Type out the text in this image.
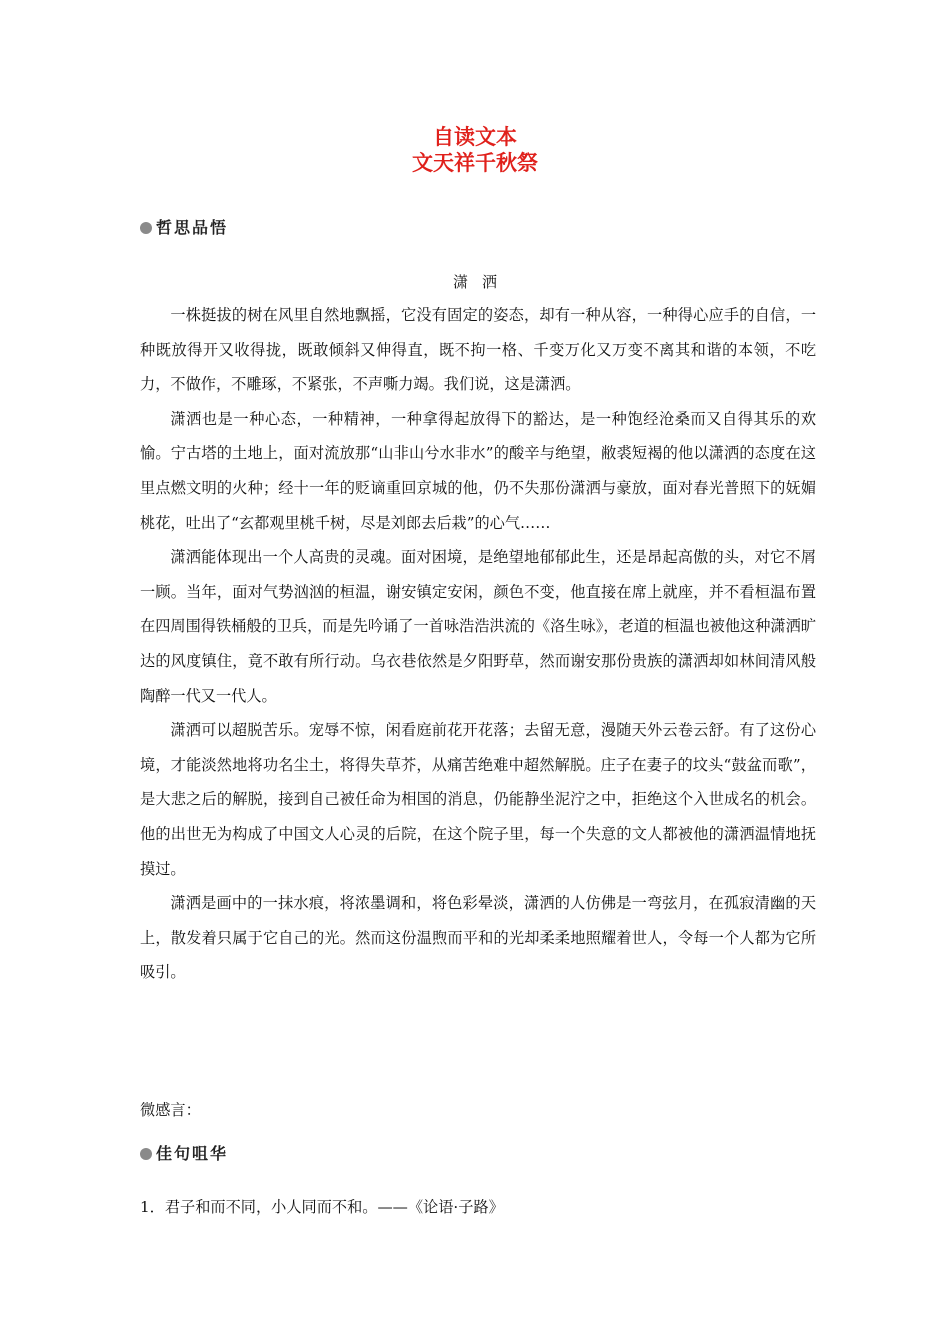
自读文本
文天祥千秋祭
哲思品悟
潇洒

一株挺拔的树在风里自然地飘摇，它没有固定的姿态，却有一种从容，一种得心应手的自信，一种既放得开又收得拢，既敢倾斜又伸得直，既不拘一格、千变万化又万变不离其和谐的本领，不吃力，不做作，不雕琢，不紧张，不声嘶力竭。我们说，这是潇洒。

潇洒也是一种心态，一种精神，一种拿得起放得下的豁达，是一种饱经沧桑而又自得其乐的欢愉。宁古塔的土地上，面对流放那“山非山兮水非水”的酸辛与绝望，敝裘短褐的他以潇洒的态度在这里点燃文明的火种；经十一年的贬谪重回京城的他，仍不失那份潇洒与豪放，面对春光普照下的妩媚桃花，吐出了“玄都观里桃千树，尽是刘郎去后栽”的心气……

潇洒能体现出一个人高贵的灵魂。面对困境，是绝望地郁郁此生，还是昂起高傲的头，对它不屑一顾。当年，面对气势汹汹的桓温，谢安镇定安闲，颜色不变，他直接在席上就座，并不看桓温布置在四周围得铁桶般的卫兵，而是先吟诵了一首咏浩浩洪流的《洛生咏》，老道的桓温也被他这种潇洒旷达的风度镇住，竟不敢有所行动。乌衣巷依然是夕阳野草，然而谢安那份贵族的潇洒却如林间清风般陶醉一代又一代人。

潇洒可以超脱苦乐。宠辱不惊，闲看庭前花开花落；去留无意，漫随天外云卷云舒。有了这份心境，才能淡然地将功名尘土，将得失草芥，从痛苦绝难中超然解脱。庄子在妻子的坟头“鼓盆而歌”，是大悲之后的解脱，接到自己被任命为相国的消息，仍能静坐泥泞之中，拒绝这个入世成名的机会。他的出世无为构成了中国文人心灵的后院，在这个院子里，每一个失意的文人都被他的潇洒温情地抚摸过。

潇洒是画中的一抹水痕，将浓墨调和，将色彩晕淡，潇洒的人仿佛是一弯弦月，在孤寂清幽的天上，散发着只属于它自己的光。然而这份温煦而平和的光却柔柔地照耀着世人，令每一个人都为它所吸引。

微感言：
佳句咀华
1．君子和而不同，小人同而不和。——《论语·子路》
